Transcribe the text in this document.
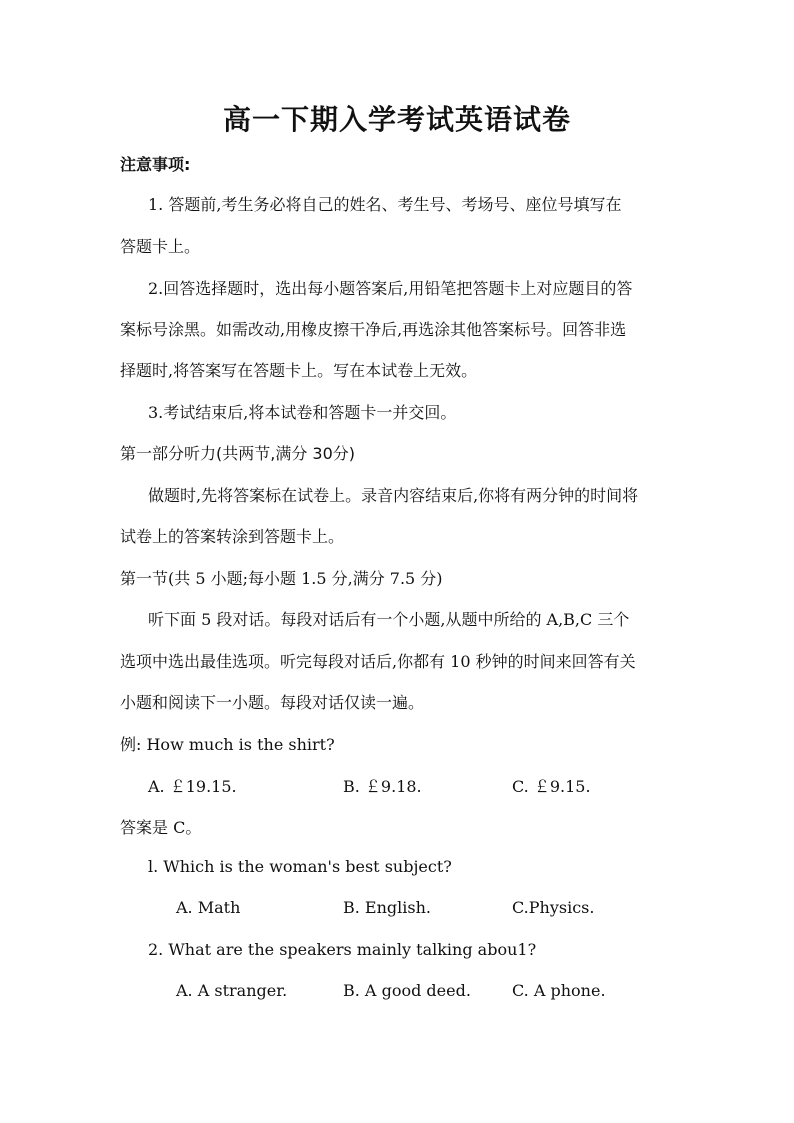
高一下期入学考试英语试卷
注意事项:
1. 答题前,考生务必将自己的姓名、考生号、考场号、座位号填写在
答题卡上。
2.回答选择题时，选出每小题答案后,用铅笔把答题卡上对应题目的答
案标号涂黑。如需改动,用橡皮擦干净后,再选涂其他答案标号。回答非选
择题时,将答案写在答题卡上。写在本试卷上无效。
3.考试结束后,将本试卷和答题卡一并交回。
第一部分听力(共两节,满分 30分)
做题时,先将答案标在试卷上。录音内容结束后,你将有两分钟的时间将
试卷上的答案转涂到答题卡上。
第一节(共 5 小题;每小题 1.5 分,满分 7.5 分)
听下面 5 段对话。每段对话后有一个小题,从题中所给的 A,B,C 三个
选项中选出最佳选项。听完每段对话后,你都有 10 秒钟的时间来回答有关
小题和阅读下一小题。每段对话仅读一遍。
例: How much is the shirt?
A. ￡19.15.	B. ￡9.18.	C. ￡9.15.
答案是 C。
l. Which is the woman's best subject?
A. Math	B. English.	C.Physics.
2. What are the speakers mainly talking abou1?
A. A stranger.	B. A good deed.	C. A phone.
